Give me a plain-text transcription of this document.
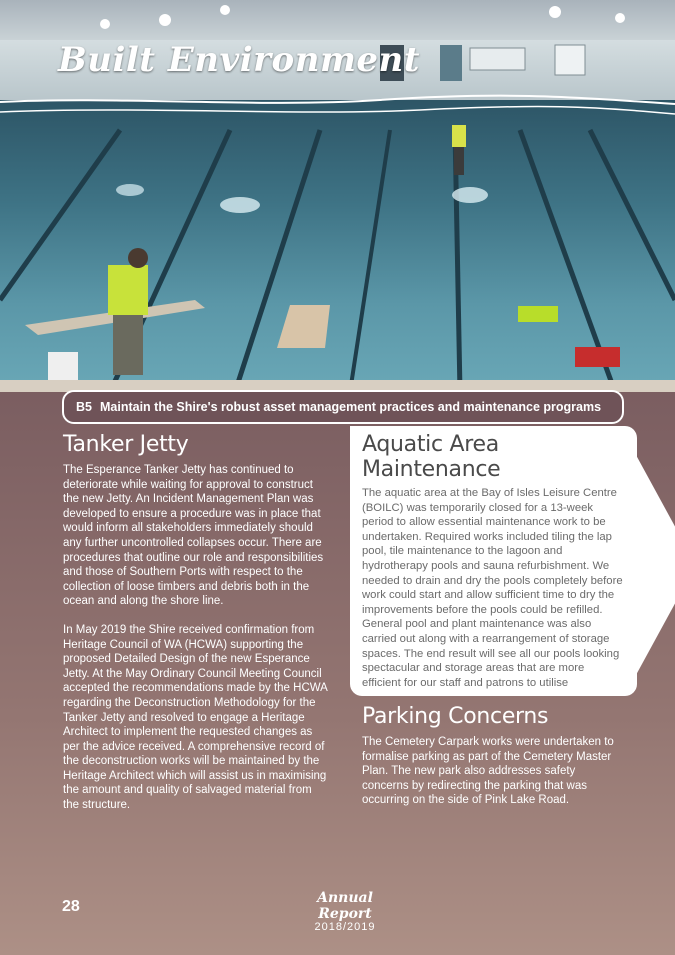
Built Environment
B5 Maintain the Shire's robust asset management practices and maintenance programs
Tanker Jetty

The Esperance Tanker Jetty has continued to deteriorate while waiting for approval to construct the new Jetty. An Incident Management Plan was developed to ensure a procedure was in place that would inform all stakeholders immediately should any further uncontrolled collapses occur. There are procedures that outline our role and responsibilities and those of Southern Ports with respect to the collection of loose timbers and debris both in the ocean and along the shore line.

In May 2019 the Shire received confirmation from Heritage Council of WA (HCWA) supporting the proposed Detailed Design of the new Esperance Jetty. At the May Ordinary Council Meeting Council accepted the recommendations made by the HCWA regarding the Deconstruction Methodology for the Tanker Jetty and resolved to engage a Heritage Architect to implement the requested changes as per the advice received. A comprehensive record of the deconstruction works will be maintained by the Heritage Architect which will assist us in maximising the amount and quality of salvaged material from the structure.

Aquatic Area Maintenance

The aquatic area at the Bay of Isles Leisure Centre (BOILC) was temporarily closed for a 13-week period to allow essential maintenance work to be undertaken. Required works included tiling the lap pool, tile maintenance to the lagoon and hydrotherapy pools and sauna refurbishment. We needed to drain and dry the pools completely before work could start and allow sufficient time to dry the improvements before the pools could be refilled. General pool and plant maintenance was also carried out along with a rearrangement of storage spaces. The end result will see all our pools looking spectacular and storage areas that are more efficient for our staff and patrons to utilise

Parking Concerns

The Cemetery Carpark works were undertaken to formalise parking as part of the Cemetery Master Plan. The new park also addresses safety concerns by redirecting the parking that was occurring on the side of Pink Lake Road.

28	Annual Report
2018/2019
